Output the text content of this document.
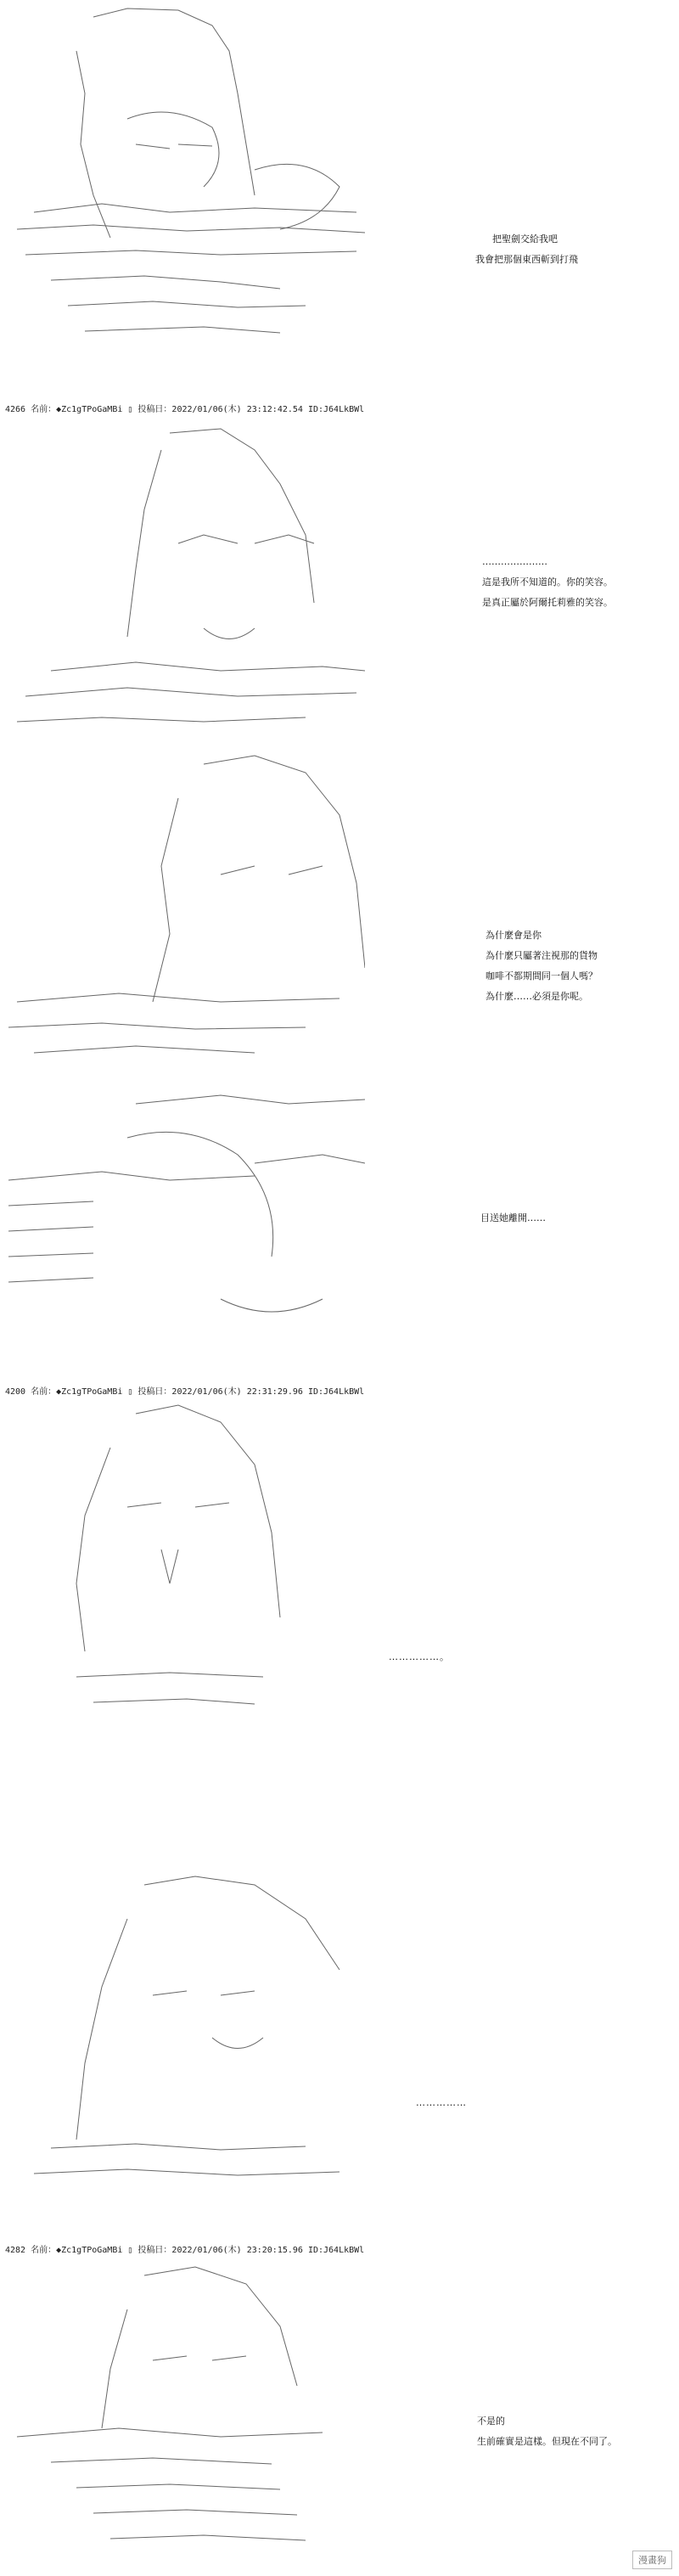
把聖劍交給我吧
我會把那個東西斬到打飛
4266 名前：◆Zc1gTPoGaMBi ▯ 投稿日：2022/01/06(木) 23:12:42.54 ID:J64LkBWl
…………………
這是我所不知道的。你的笑容。
是真正屬於阿爾托莉雅的笑容。
為什麼會是你
為什麼只屬著注視那的貨物
咖啡不都期間同一個人嗎？
為什麼……必須是你呢。
目送她離開……
4200 名前：◆Zc1gTPoGaMBi ▯ 投稿日：2022/01/06(木) 22:31:29.96 ID:J64LkBWl
……………。
……………
4282 名前：◆Zc1gTPoGaMBi ▯ 投稿日：2022/01/06(木) 23:20:15.96 ID:J64LkBWl
不是的
生前確實是這樣。但現在不同了。
漫畫狗
